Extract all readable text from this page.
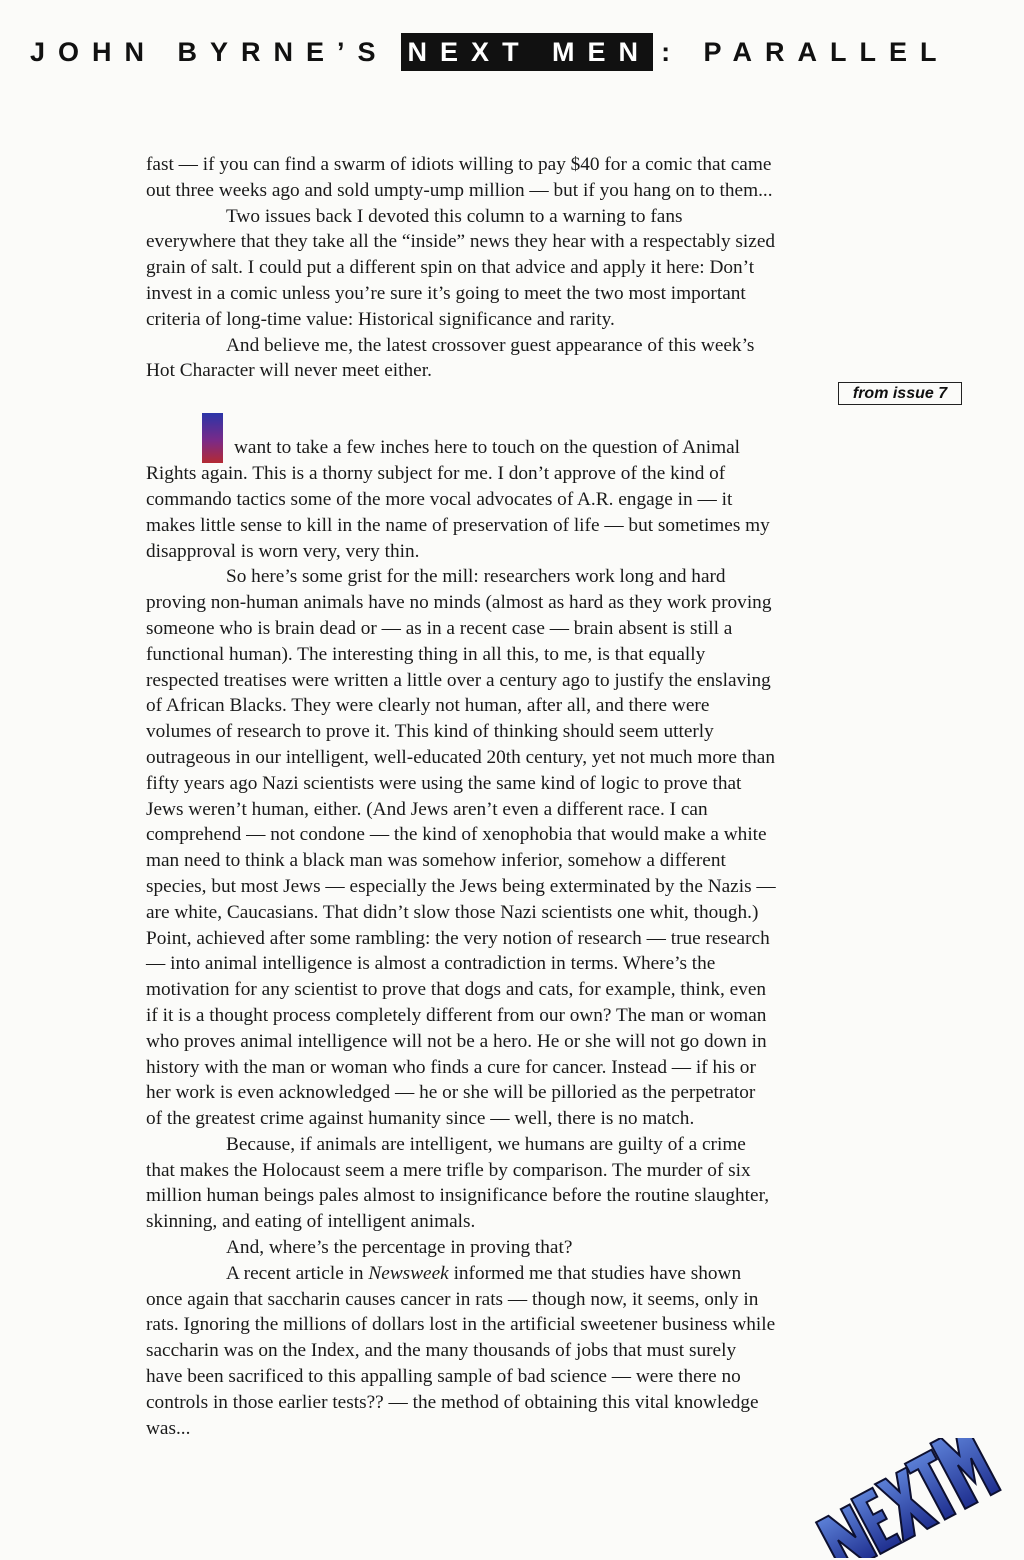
JOHN BYRNE’S NEXT MEN : PARALLEL

fast — if you can find a swarm of idiots willing to pay $40 for a comic that came out three weeks ago and sold umpty-ump million — but if you hang on to them...

Two issues back I devoted this column to a warning to fans everywhere that they take all the “inside” news they hear with a respectably sized grain of salt. I could put a different spin on that advice and apply it here: Don’t invest in a comic unless you’re sure it’s going to meet the two most important criteria of long-time value: Historical significance and rarity.

And believe me, the latest crossover guest appearance of this week’s Hot Character will never meet either.

want to take a few inches here to touch on the question of Animal Rights again. This is a thorny subject for me. I don’t approve of the kind of commando tactics some of the more vocal advocates of A.R. engage in — it makes little sense to kill in the name of preservation of life — but sometimes my disapproval is worn very, very thin.

So here’s some grist for the mill: researchers work long and hard proving non-human animals have no minds (almost as hard as they work proving someone who is brain dead or — as in a recent case — brain absent is still a functional human). The interesting thing in all this, to me, is that equally respected treatises were written a little over a century ago to justify the enslaving of African Blacks. They were clearly not human, after all, and there were volumes of research to prove it. This kind of thinking should seem utterly outrageous in our intelligent, well-educated 20th century, yet not much more than fifty years ago Nazi scientists were using the same kind of logic to prove that Jews weren’t human, either. (And Jews aren’t even a different race. I can comprehend — not condone — the kind of xenophobia that would make a white man need to think a black man was somehow inferior, somehow a different species, but most Jews — especially the Jews being exterminated by the Nazis — are white, Caucasians. That didn’t slow those Nazi scientists one whit, though.) Point, achieved after some rambling: the very notion of research — true research — into animal intelligence is almost a contradiction in terms. Where’s the motivation for any scientist to prove that dogs and cats, for example, think, even if it is a thought process completely different from our own? The man or woman who proves animal intelligence will not be a hero. He or she will not go down in history with the man or woman who finds a cure for cancer. Instead — if his or her work is even acknowledged — he or she will be pilloried as the perpetrator of the greatest crime against humanity since — well, there is no match.

Because, if animals are intelligent, we humans are guilty of a crime that makes the Holocaust seem a mere trifle by comparison. The murder of six million human beings pales almost to insignificance before the routine slaughter, skinning, and eating of intelligent animals.

And, where’s the percentage in proving that?

A recent article in Newsweek informed me that studies have shown once again that saccharin causes cancer in rats — though now, it seems, only in rats. Ignoring the millions of dollars lost in the artificial sweetener business while saccharin was on the Index, and the many thousands of jobs that must surely have been sacrificed to this appalling sample of bad science — were there no controls in those earlier tests?? — the method of obtaining this vital knowledge was...

from issue 7
NEXT MEN
